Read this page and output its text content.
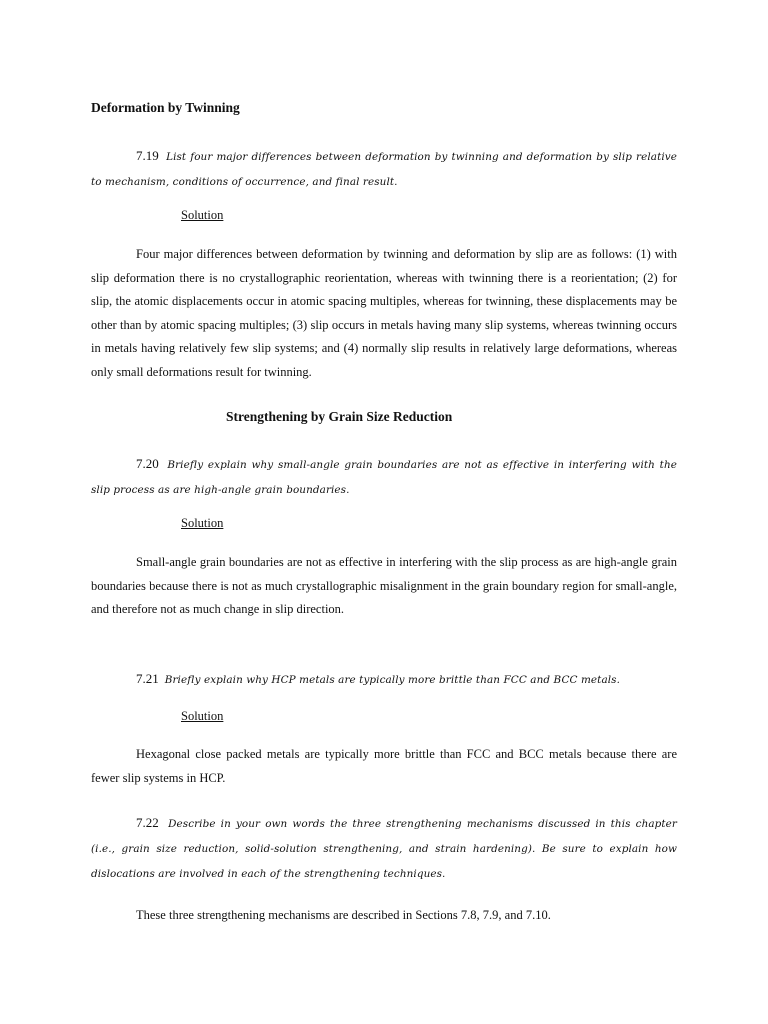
Deformation by Twinning

7.19 List four major differences between deformation by twinning and deformation by slip relative to mechanism, conditions of occurrence, and final result.

Solution

Four major differences between deformation by twinning and deformation by slip are as follows: (1) with slip deformation there is no crystallographic reorientation, whereas with twinning there is a reorientation; (2) for slip, the atomic displacements occur in atomic spacing multiples, whereas for twinning, these displacements may be other than by atomic spacing multiples; (3) slip occurs in metals having many slip systems, whereas twinning occurs in metals having relatively few slip systems; and (4) normally slip results in relatively large deformations, whereas only small deformations result for twinning.

Strengthening by Grain Size Reduction

7.20 Briefly explain why small-angle grain boundaries are not as effective in interfering with the slip process as are high-angle grain boundaries.

Solution

Small-angle grain boundaries are not as effective in interfering with the slip process as are high-angle grain boundaries because there is not as much crystallographic misalignment in the grain boundary region for small-angle, and therefore not as much change in slip direction.

7.21 Briefly explain why HCP metals are typically more brittle than FCC and BCC metals.

Solution

Hexagonal close packed metals are typically more brittle than FCC and BCC metals because there are fewer slip systems in HCP.

7.22 Describe in your own words the three strengthening mechanisms discussed in this chapter (i.e., grain size reduction, solid-solution strengthening, and strain hardening). Be sure to explain how dislocations are involved in each of the strengthening techniques.

These three strengthening mechanisms are described in Sections 7.8, 7.9, and 7.10.
